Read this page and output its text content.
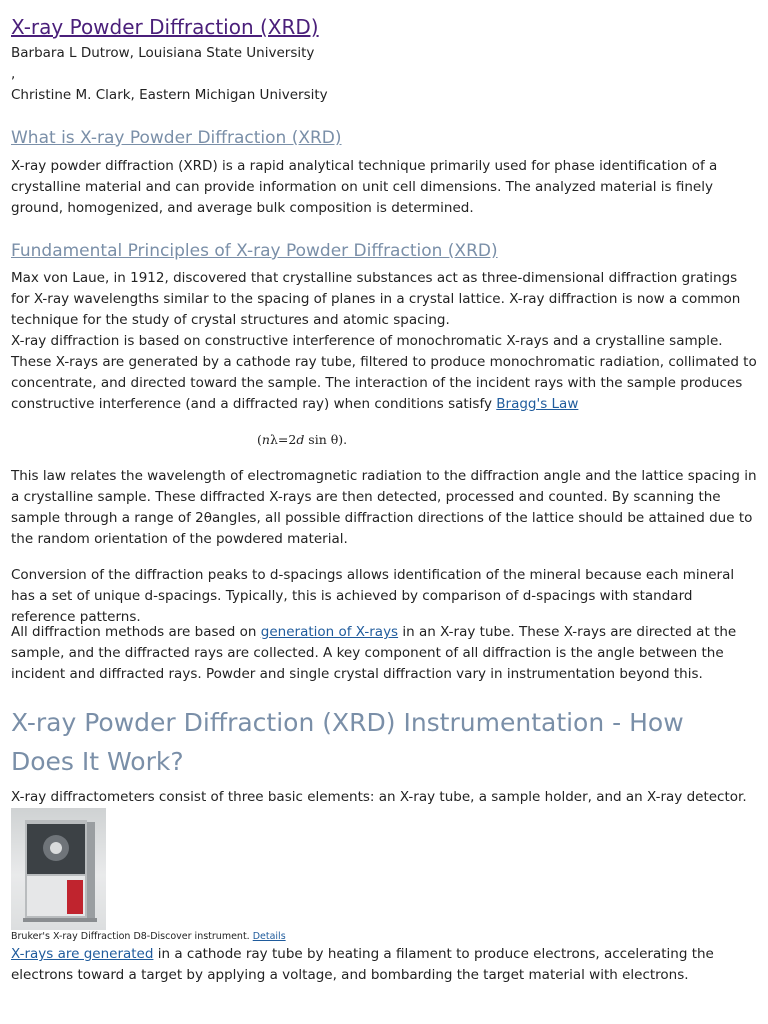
X-ray Powder Diffraction (XRD)
Barbara L Dutrow, Louisiana State University
,
Christine M. Clark, Eastern Michigan University
What is X-ray Powder Diffraction (XRD)

X-ray powder diffraction (XRD) is a rapid analytical technique primarily used for phase identification of a crystalline material and can provide information on unit cell dimensions. The analyzed material is finely ground, homogenized, and average bulk composition is determined.

Fundamental Principles of X-ray Powder Diffraction (XRD)

Max von Laue, in 1912, discovered that crystalline substances act as three-dimensional diffraction gratings for X-ray wavelengths similar to the spacing of planes in a crystal lattice. X-ray diffraction is now a common technique for the study of crystal structures and atomic spacing.

X-ray diffraction is based on constructive interference of monochromatic X-rays and a crystalline sample. These X-rays are generated by a cathode ray tube, filtered to produce monochromatic radiation, collimated to concentrate, and directed toward the sample. The interaction of the incident rays with the sample produces constructive interference (and a diffracted ray) when conditions satisfy Bragg's Law

(nλ=2d sin θ).

This law relates the wavelength of electromagnetic radiation to the diffraction angle and the lattice spacing in a crystalline sample. These diffracted X-rays are then detected, processed and counted. By scanning the sample through a range of 2θangles, all possible diffraction directions of the lattice should be attained due to the random orientation of the powdered material.

Conversion of the diffraction peaks to d-spacings allows identification of the mineral because each mineral has a set of unique d-spacings. Typically, this is achieved by comparison of d-spacings with standard reference patterns.

All diffraction methods are based on generation of X-rays in an X-ray tube. These X-rays are directed at the sample, and the diffracted rays are collected. A key component of all diffraction is the angle between the incident and diffracted rays. Powder and single crystal diffraction vary in instrumentation beyond this.

X-ray Powder Diffraction (XRD) Instrumentation - How Does It Work?

X-ray diffractometers consist of three basic elements: an X-ray tube, a sample holder, and an X-ray detector.

Bruker's X-ray Diffraction D8-Discover instrument. Details

X-rays are generated in a cathode ray tube by heating a filament to produce electrons, accelerating the electrons toward a target by applying a voltage, and bombarding the target material with electrons.
